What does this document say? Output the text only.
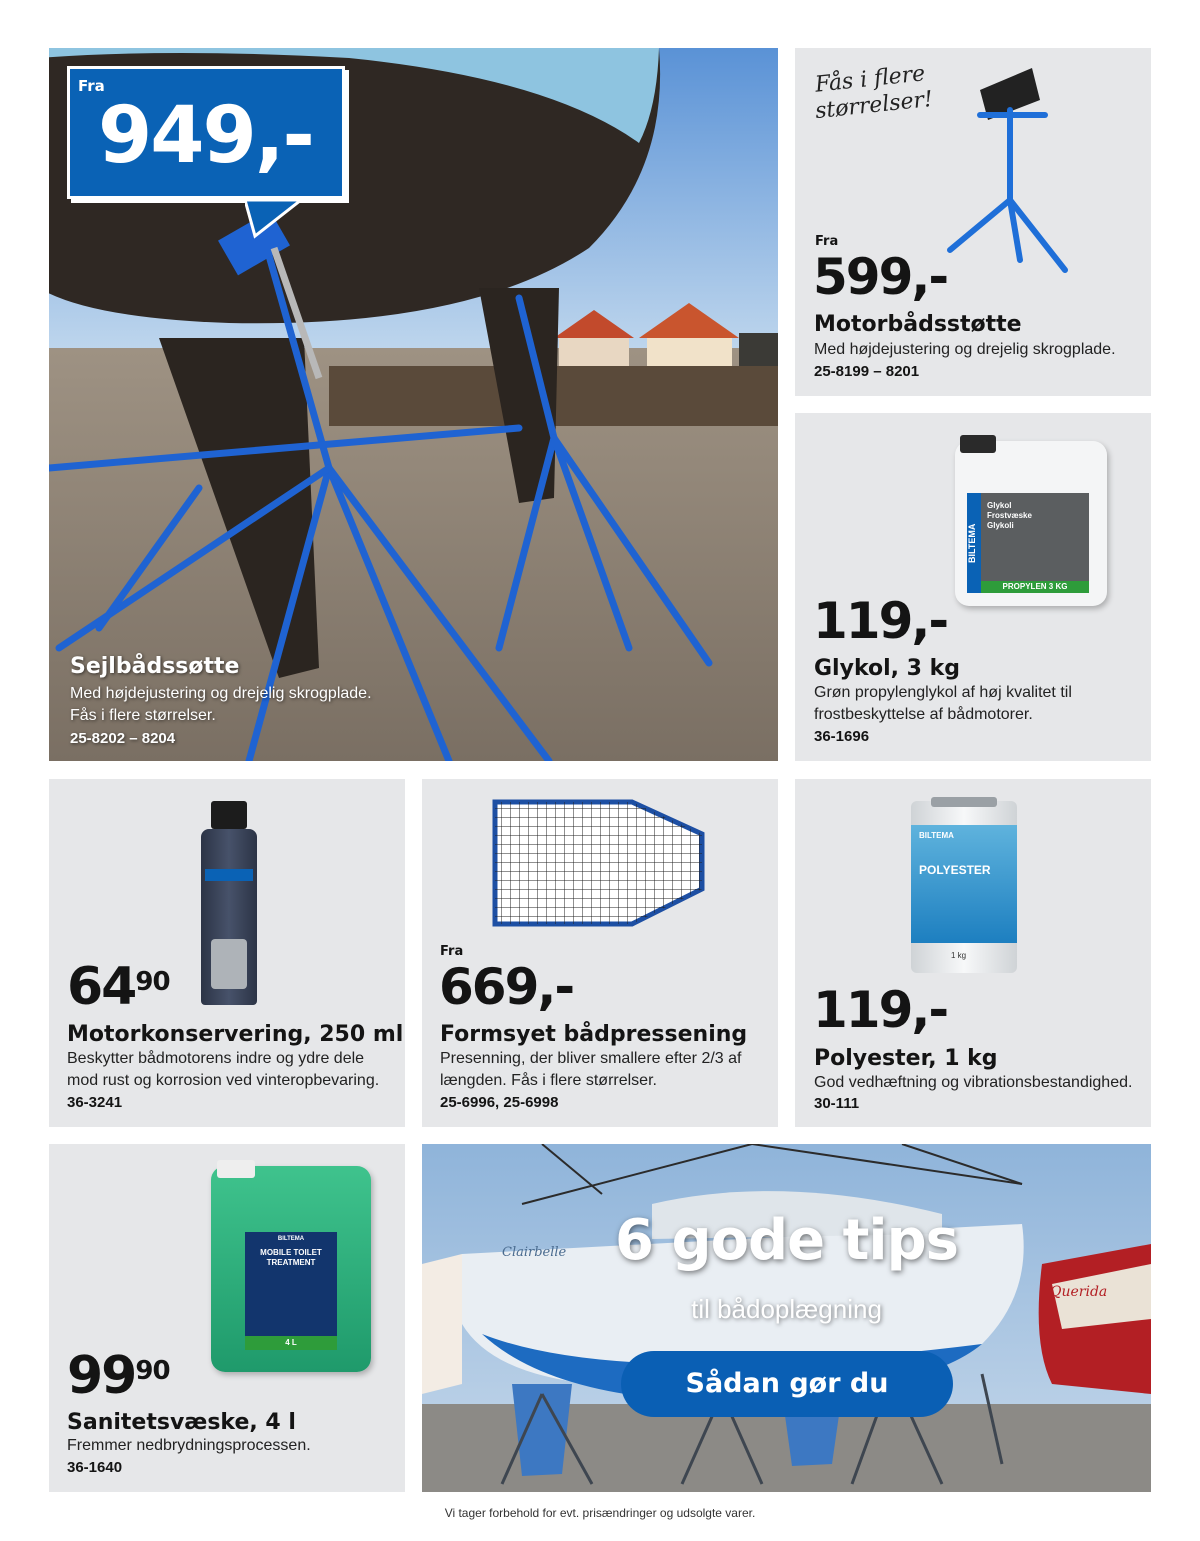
Fra
949,-
Sejlbådssøtte
Med højdejustering og drejelig skrogplade.
Fås i flere størrelser.
25-8202 – 8204
Fås i flere
størrelser!
Fra
599,-
Motorbådsstøtte
Med højdejustering og drejelig skrogplade.
25-8199 – 8201
BILTEMA
Glykol
Frostvæske
Glykoli
PROPYLEN 3 KG
119,-
Glykol, 3 kg
Grøn propylenglykol af høj kvalitet til
frostbeskyttelse af bådmotorer.
36-1696
$64^{90}$
Motorkonservering, 250 ml
Beskytter bådmotorens indre og ydre dele
mod rust og korrosion ved vinteropbevaring.
36-3241
Fra
669,-
Formsyet bådpressening
Presenning, der bliver smallere efter 2/3 af
længden. Fås i flere størrelser.
25-6996, 25-6998
BILTEMA
POLYESTER
1 kg
119,-
Polyester, 1 kg
God vedhæftning og vibrationsbestandighed.
30-111
BILTEMA
MOBILE TOILET TREATMENT
4 L
$99^{90}$
Sanitetsvæske, 4 l
Fremmer nedbrydningsprocessen.
36-1640
Clairbelle
Querida
6 gode tips
til bådoplægning
Sådan gør du
Vi tager forbehold for evt. prisændringer og udsolgte varer.
